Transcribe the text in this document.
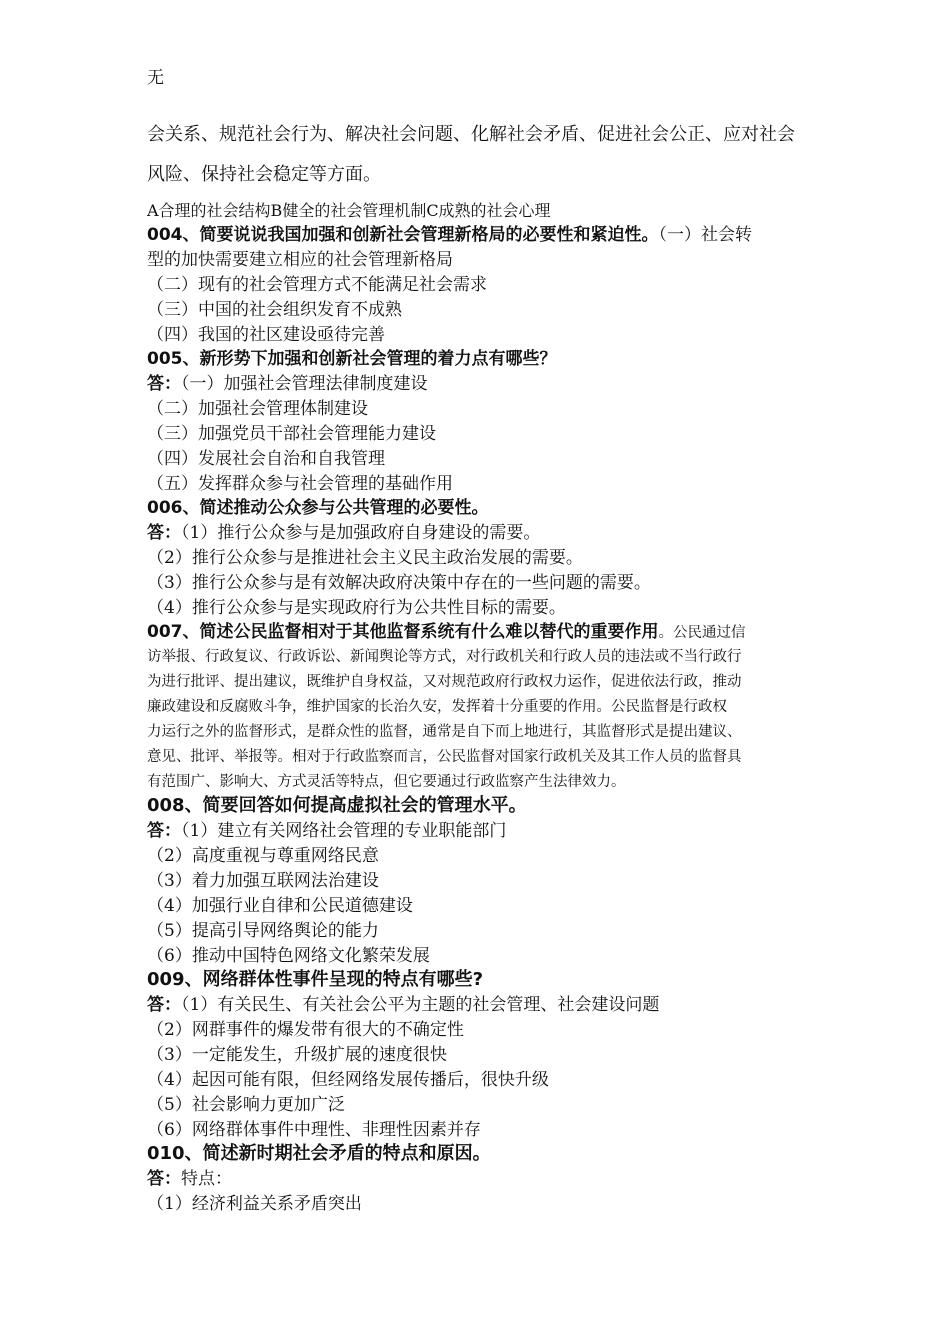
无
会关系、规范社会行为、解决社会问题、化解社会矛盾、促进社会公正、应对社会
风险、保持社会稳定等方面。
A合理的社会结构B健全的社会管理机制C成熟的社会心理
004、简要说说我国加强和创新社会管理新格局的必要性和紧迫性。（一）社会转
型的加快需要建立相应的社会管理新格局
（二）现有的社会管理方式不能满足社会需求
（三）中国的社会组织发育不成熟
（四）我国的社区建设亟待完善
005、新形势下加强和创新社会管理的着力点有哪些？
答：（一）加强社会管理法律制度建设
（二）加强社会管理体制建设
（三）加强党员干部社会管理能力建设
（四）发展社会自治和自我管理
（五）发挥群众参与社会管理的基础作用
006、简述推动公众参与公共管理的必要性。
答：（1）推行公众参与是加强政府自身建设的需要。
（2）推行公众参与是推进社会主义民主政治发展的需要。
（3）推行公众参与是有效解决政府决策中存在的一些问题的需要。
（4）推行公众参与是实现政府行为公共性目标的需要。
007、简述公民监督相对于其他监督系统有什么难以替代的重要作用。公民通过信
访举报、行政复议、行政诉讼、新闻舆论等方式，对行政机关和行政人员的违法或不当行政行
为进行批评、提出建议，既维护自身权益，又对规范政府行政权力运作，促进依法行政，推动
廉政建设和反腐败斗争，维护国家的长治久安，发挥着十分重要的作用。公民监督是行政权
力运行之外的监督形式，是群众性的监督，通常是自下而上地进行，其监督形式是提出建议、
意见、批评、举报等。相对于行政监察而言，公民监督对国家行政机关及其工作人员的监督具
有范围广、影响大、方式灵活等特点，但它要通过行政监察产生法律效力。
008、简要回答如何提高虚拟社会的管理水平。
答：（1）建立有关网络社会管理的专业职能部门
（2）高度重视与尊重网络民意
（3）着力加强互联网法治建设
（4）加强行业自律和公民道德建设
（5）提高引导网络舆论的能力
（6）推动中国特色网络文化繁荣发展
009、网络群体性事件呈现的特点有哪些?
答：（1）有关民生、有关社会公平为主题的社会管理、社会建设问题
（2）网群事件的爆发带有很大的不确定性
（3）一定能发生，升级扩展的速度很快
（4）起因可能有限，但经网络发展传播后，很快升级
（5）社会影响力更加广泛
（6）网络群体事件中理性、非理性因素并存
010、简述新时期社会矛盾的特点和原因。
答：特点：
（1）经济利益关系矛盾突出
